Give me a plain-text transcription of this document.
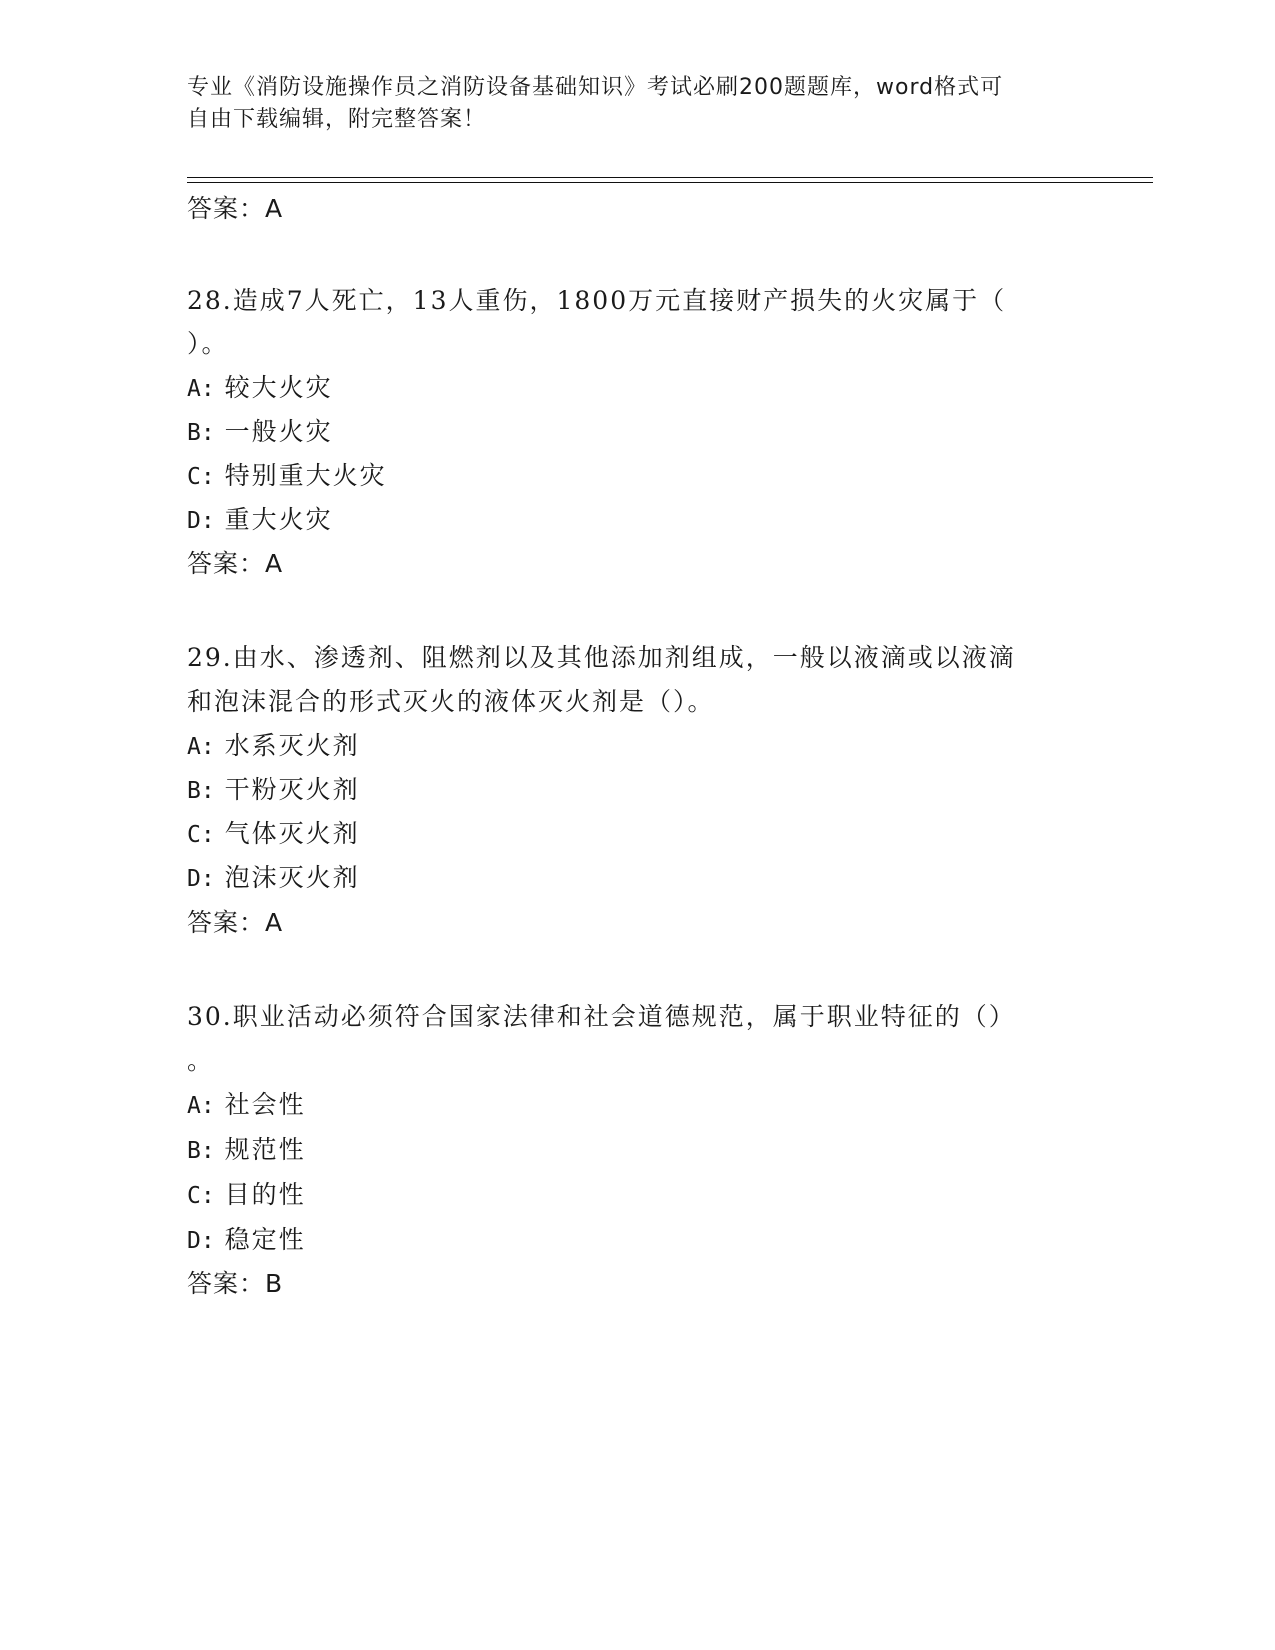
专业《消防设施操作员之消防设备基础知识》考试必刷200题题库，word格式可
自由下载编辑，附完整答案！
答案：A
28.造成7人死亡，13人重伤，1800万元直接财产损失的火灾属于（
）。
A: 较大火灾
B: 一般火灾
C: 特别重大火灾
D: 重大火灾
答案：A
29.由水、渗透剂、阻燃剂以及其他添加剂组成，一般以液滴或以液滴
和泡沫混合的形式灭火的液体灭火剂是（）。
A: 水系灭火剂
B: 干粉灭火剂
C: 气体灭火剂
D: 泡沫灭火剂
答案：A
30.职业活动必须符合国家法律和社会道德规范，属于职业特征的（）
。
A: 社会性
B: 规范性
C: 目的性
D: 稳定性
答案：B
